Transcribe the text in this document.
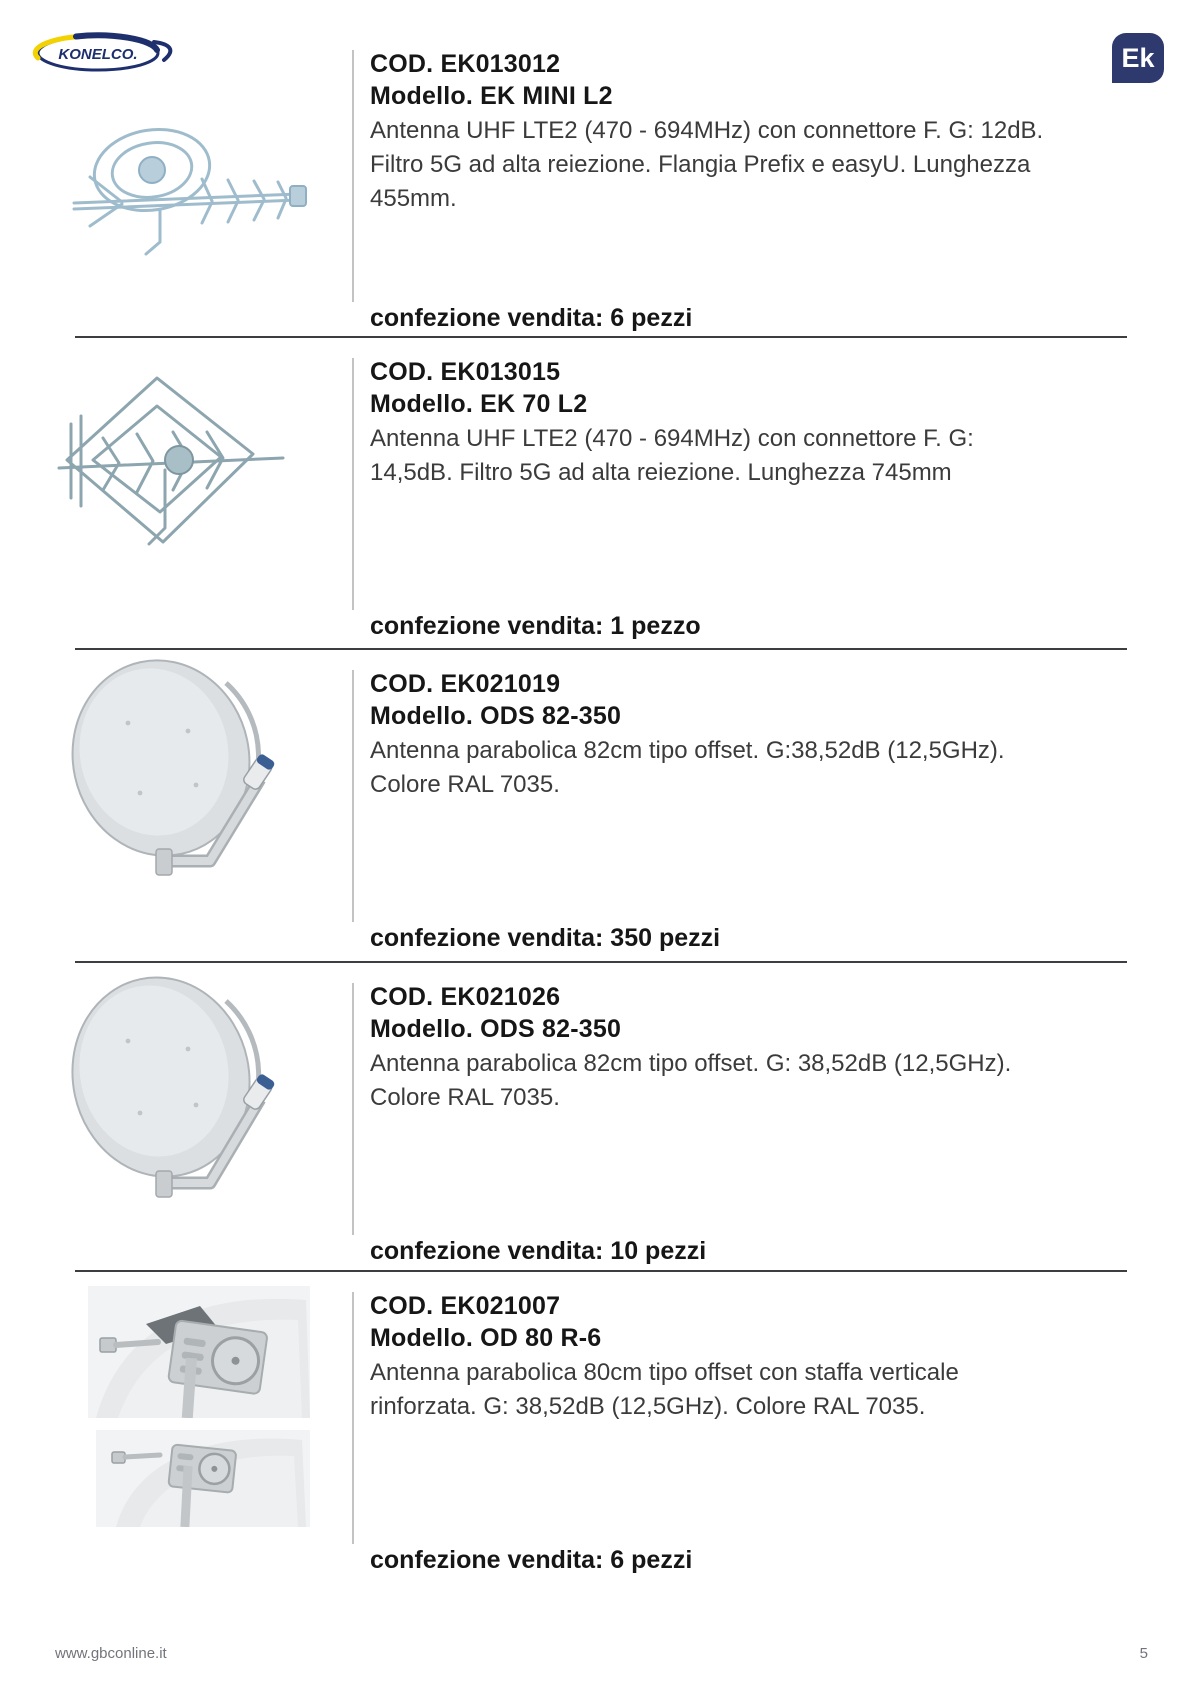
KONELCO.	Ek
COD. EK013012
Modello. EK MINI L2

Antenna UHF LTE2 (470 - 694MHz) con connettore F. G: 12dB. Filtro 5G ad alta reiezione. Flangia Prefix e easyU. Lunghezza 455mm.

confezione vendita: 6 pezzi
COD. EK013015
Modello. EK 70 L2

Antenna UHF LTE2 (470 - 694MHz) con connettore F. G: 14,5dB. Filtro 5G ad alta reiezione. Lunghezza 745mm

confezione vendita: 1 pezzo
COD. EK021019
Modello. ODS 82-350

Antenna parabolica 82cm tipo offset. G:38,52dB (12,5GHz). Colore RAL 7035.

confezione vendita: 350 pezzi
COD. EK021026
Modello. ODS 82-350

Antenna parabolica 82cm tipo offset. G: 38,52dB (12,5GHz). Colore RAL 7035.

confezione vendita: 10 pezzi
COD. EK021007
Modello. OD 80 R-6

Antenna parabolica 80cm tipo offset con staffa verticale rinforzata. G: 38,52dB (12,5GHz). Colore RAL 7035.

confezione vendita: 6 pezzi
www.gbconline.it	5
